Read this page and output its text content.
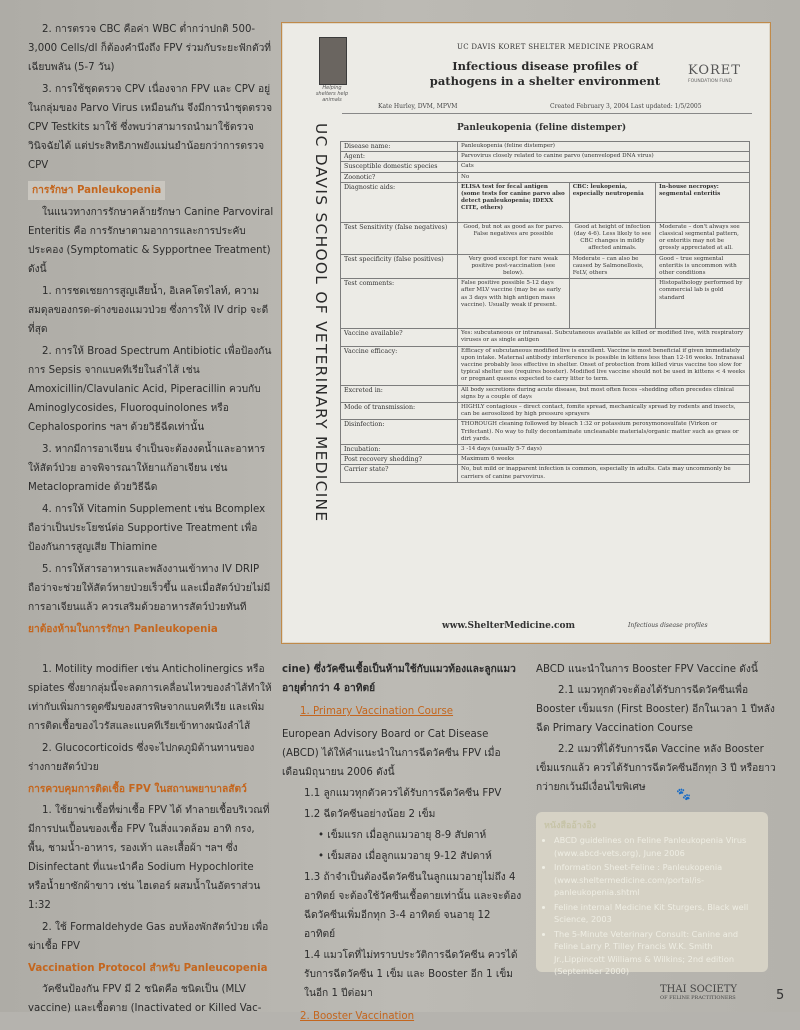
2. การตรวจ CBC คือค่า WBC ต่ำกว่าปกติ 500-3,000 Cells/dl ก็ต้องคำนึงถึง FPV ร่วมกับระยะฟักตัวที่เฉียบพลัน (5-7 วัน)

3. การใช้ชุดตรวจ CPV เนื่องจาก FPV และ CPV อยู่ในกลุ่มของ Parvo Virus เหมือนกัน จึงมีการนำชุดตรวจ CPV Testkits มาใช้ ซึ่งพบว่าสามารถนำมาใช้ตรวจวินิจฉัยได้ แต่ประสิทธิภาพยังแม่นยำน้อยกว่าการตรวจ CPV

การรักษา Panleukopenia

ในแนวทางการรักษาคล้ายรักษา Canine Parvoviral Enteritis คือ การรักษาตามอาการและการประคับประคอง (Symptomatic & Sypportnee Treatment) ดังนี้

1. การชดเชยการสูญเสียน้ำ, อิเลคโตรไลท์, ความสมดุลของกรด-ด่างของแมวป่วย ซึ่งการให้ IV drip จะดีที่สุด

2. การให้ Broad Spectrum Antibiotic เพื่อป้องกันการ Sepsis จากแบคทีเรียในลำไส้ เช่น Amoxicillin/Clavulanic Acid, Piperacillin ควบกับ Aminoglycosides, Fluoroquinolones หรือ Cephalosporins ฯลฯ ด้วยวิธีฉีดเท่านั้น

3. หากมีการอาเจียน จำเป็นจะต้องงดน้ำและอาหารให้สัตว์ป่วย อาจพิจารณาให้ยาแก้อาเจียน เช่น Metaclopramide ด้วยวิธีฉีด

4. การให้ Vitamin Supplement เช่น Bcomplex ถือว่าเป็นประโยชน์ต่อ Supportive Treatment เพื่อป้องกันการสูญเสีย Thiamine

5. การให้สารอาหารและพลังงานเข้าทาง IV DRIP ถือว่าจะช่วยให้สัตว์หายป่วยเร็วขึ้น และเมื่อสัตว์ป่วยไม่มีการอาเจียนแล้ว ควรเสริมด้วยอาหารสัตว์ป่วยทันที

ยาต้องห้ามในการรักษา Panleukopenia

1. Motility modifier เช่น Anticholinergics หรือ spiates ซึ่งยากลุ่มนี้จะลดการเคลื่อนไหวของลำไส้ทำให้เท่ากับเพิ่มการดูดซึมของสารพิษจากแบคทีเรีย และเพิ่มการติดเชื้อของไวรัสและแบคทีเรียเข้าทางผนังลำไส้

2. Glucocorticoids ซึ่งจะไปกดภูมิต้านทานของร่างกายสัตว์ป่วย

การควบคุมการติดเชื้อ FPV ในสถานพยาบาลสัตว์

1. ใช้ยาฆ่าเชื้อที่ฆ่าเชื้อ FPV ได้ ทำลายเชื้อบริเวณที่มีการปนเปื้อนของเชื้อ FPV ในสิ่งแวดล้อม อาทิ กรง, พื้น, ชามน้ำ-อาหาร, รองเท้า และเสื้อผ้า ฯลฯ ซึ่ง Disinfectant ที่แนะนำคือ Sodium Hypochlorite หรือน้ำยาซักผ้าขาว เช่น ไฮเตอร์ ผสมน้ำในอัตราส่วน 1:32

2. ใช้ Formaldehyde Gas อบห้องพักสัตว์ป่วย เพื่อฆ่าเชื้อ FPV

Vaccination Protocol สำหรับ Panleucopenia

วัคซีนป้องกัน FPV มี 2 ชนิดคือ ชนิดเป็น (MLV vaccine) และเชื้อตาย (Inactivated or Killed Vac-

Helping shelters help animals
UC DAVIS KORET SHELTER MEDICINE PROGRAM
Infectious disease profiles of
pathogens in a shelter environment
KORET
FOUNDATION FUND
Kate Hurley, DVM, MPVM	Created February 3, 2004 Last updated: 1/5/2005
UC DAVIS SCHOOL OF VETERINARY MEDICINE	Panleukopenia (feline distemper)
Disease name:	Panleukopenia (feline distemper)		
Agent:	Parvovirus closely related to canine parvo (unenveloped DNA virus)		
Susceptible domestic species	Cats		
Zoonotic?	No		
Diagnostic aids:	ELISA test for fecal antigen (some tests for canine parvo also detect panleukopenia; IDEXX CITE, others)	CBC: leukopenia, especially neutropenia	In-house necropsy: segmental enteritis
Test Sensitivity (false negatives)	Good, but not as good as for parvo. False negatives are possible	Good at height of infection (day 4-6). Less likely to see CBC changes in mildly affected animals.	Moderate – don't always see classical segmental pattern, or enteritis may not be grossly appreciated at all.
Test specificity (false positives)	Very good except for rare weak positive post-vaccination (see below).	Moderate – can also be caused by Salmonellosis, FeLV, others	Good – true segmental enteritis is uncommon with other conditions
Test comments:	False positive possible 5-12 days after MLV vaccine (may be as early as 3 days with high antigen mass vaccine). Usually weak if present.		Histopathology performed by commercial lab is gold standard
Vaccine available?	Yes: subcutaneous or intranasal. Subcutaneous available as killed or modified live, with respiratory viruses or as single antigen		
Vaccine efficacy:	Efficacy of subcutaneous modified live is excellent. Vaccine is most beneficial if given immediately upon intake. Maternal antibody interference is possible in kittens less than 12-16 weeks. Intranasal vaccine probably less effective in shelter. Onset of protection from killed virus vaccine too slow for typical shelter use (requires booster). Modified live vaccine should not be used in kittens < 4 weeks or pregnant queens expected to carry litter to term.		
Excreted in:	All body secretions during acute disease, but most often feces –shedding often precedes clinical signs by a couple of days		
Mode of transmission:	HIGHLY contagious – direct contact, fomite spread, mechanically spread by rodents and insects, can be aerosolized by high pressure sprayers		
Disinfection:	THOROUGH cleaning followed by bleach 1:32 or potassium peroxymonosulfate (Virkon or Trifectant). No way to fully decontaminate uncleanable materials/organic matter such as grass or dirt yards.		
Incubation:	3 -14 days (usually 5-7 days)		
Post recovery shedding?	Maximum 6 weeks		
Carrier state?	No, but mild or inapparent infection is common, especially in adults. Cats may uncommonly be carriers of canine parvovirus.		
www.ShelterMedicine.com	Infectious disease profiles

cine) ซึ่งวัคซีนเชื้อเป็นห้ามใช้กับแมวท้องและลูกแมวอายุต่ำกว่า 4 อาทิตย์

1. Primary Vaccination Course

European Advisory Board or Cat Disease (ABCD) ได้ให้คำแนะนำในการฉีดวัคซีน FPV เมื่อเดือนมิถุนายน 2006 ดังนี้

1.1 ลูกแมวทุกตัวควรได้รับการฉีดวัคซีน FPV

1.2 ฉีดวัคซีนอย่างน้อย 2 เข็ม

• เข็มแรก เมื่อลูกแมวอายุ 8-9 สัปดาห์

• เข็มสอง เมื่อลูกแมวอายุ 9-12 สัปดาห์

1.3 ถ้าจำเป็นต้องฉีดวัคซีนในลูกแมวอายุไม่ถึง 4 อาทิตย์ จะต้องใช้วัคซีนเชื้อตายเท่านั้น และจะต้องฉีดวัคซีนเพิ่มอีกทุก 3-4 อาทิตย์ จนอายุ 12 อาทิตย์

1.4 แมวโตที่ไม่ทราบประวัติการฉีดวัคซีน ควรได้รับการฉีดวัคซีน 1 เข็ม และ Booster อีก 1 เข็มในอีก 1 ปีต่อมา

2. Booster Vaccination

ABCD แนะนำในการ Booster FPV Vaccine ดังนี้

2.1 แมวทุกตัวจะต้องได้รับการฉีดวัคซีนเพื่อ Booster เข็มแรก (First Booster) อีกในเวลา 1 ปีหลังฉีด Primary Vaccination Course

2.2 แมวที่ได้รับการฉีด Vaccine หลัง Booster เข็มแรกแล้ว ควรได้รับการฉีดวัคซีนอีกทุก 3 ปี หรือยาวกว่ายกเว้นมีเงื่อนไขพิเศษ	🐾
หนังสืออ้างอิง
• ABCD guidelines on Feline Panleukopenia Virus (www.abcd-vets.org), June 2006
• Information Sheet-Feline : Panleukopenia (www.sheltermedicine.com/portal/is-panleukopenia.shtml
• Feline internal Medicine Kit Sturgers, Black well Science, 2003
• The 5-Minute Veterinary Consult: Canine and Feline Larry P. Tilley Francis W.K. Smith Jr.,Lippincott Williams & Wilkins; 2nd edition (September 2000)
THAI SOCIETY
OF FELINE PRACTITIONERS	5
